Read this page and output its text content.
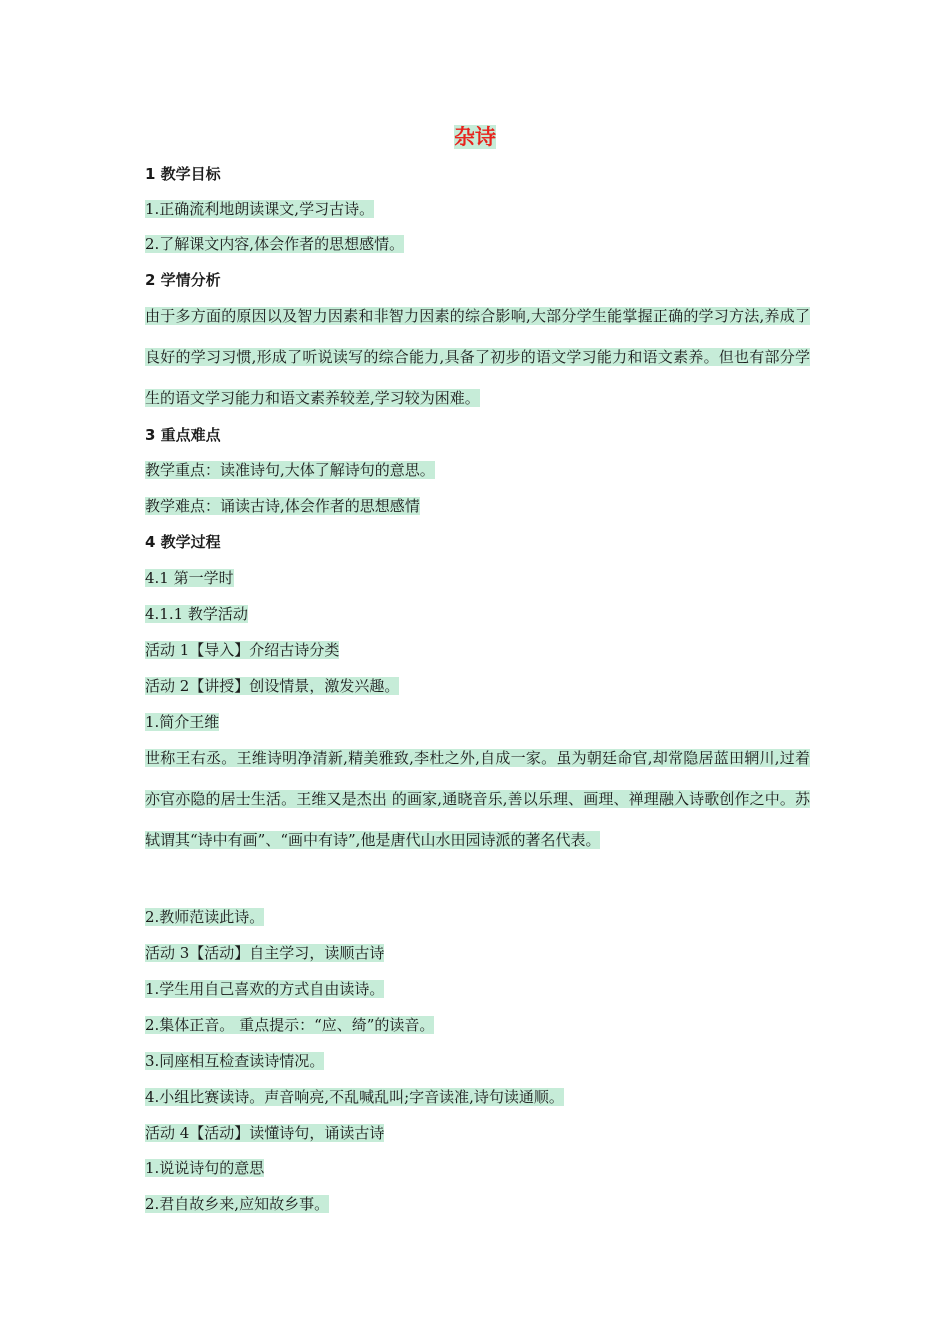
杂诗
1 教学目标
1.正确流利地朗读课文,学习古诗。
2.了解课文内容,体会作者的思想感情。
2 学情分析
由于多方面的原因以及智力因素和非智力因素的综合影响,大部分学生能掌握正确的学习方法,养成了良好的学习习惯,形成了听说读写的综合能力,具备了初步的语文学习能力和语文素养。但也有部分学生的语文学习能力和语文素养较差,学习较为困难。
3 重点难点
教学重点：读准诗句,大体了解诗句的意思。
教学难点：诵读古诗,体会作者的思想感情
4 教学过程
4.1 第一学时
4.1.1 教学活动
活动 1【导入】介绍古诗分类
活动 2【讲授】创设情景，激发兴趣。
1.简介王维
世称王右丞。王维诗明净清新,精美雅致,李杜之外,自成一家。虽为朝廷命官,却常隐居蓝田辋川,过着亦官亦隐的居士生活。王维又是杰出 的画家,通晓音乐,善以乐理、画理、禅理融入诗歌创作之中。苏轼谓其“诗中有画”、“画中有诗”,他是唐代山水田园诗派的著名代表。
2.教师范读此诗。
活动 3【活动】自主学习，读顺古诗
1.学生用自己喜欢的方式自由读诗。
2.集体正音。 重点提示：“应、绮”的读音。
3.同座相互检查读诗情况。
4.小组比赛读诗。声音响亮,不乱喊乱叫;字音读准,诗句读通顺。
活动 4【活动】读懂诗句，诵读古诗
1.说说诗句的意思
2.君自故乡来,应知故乡事。
